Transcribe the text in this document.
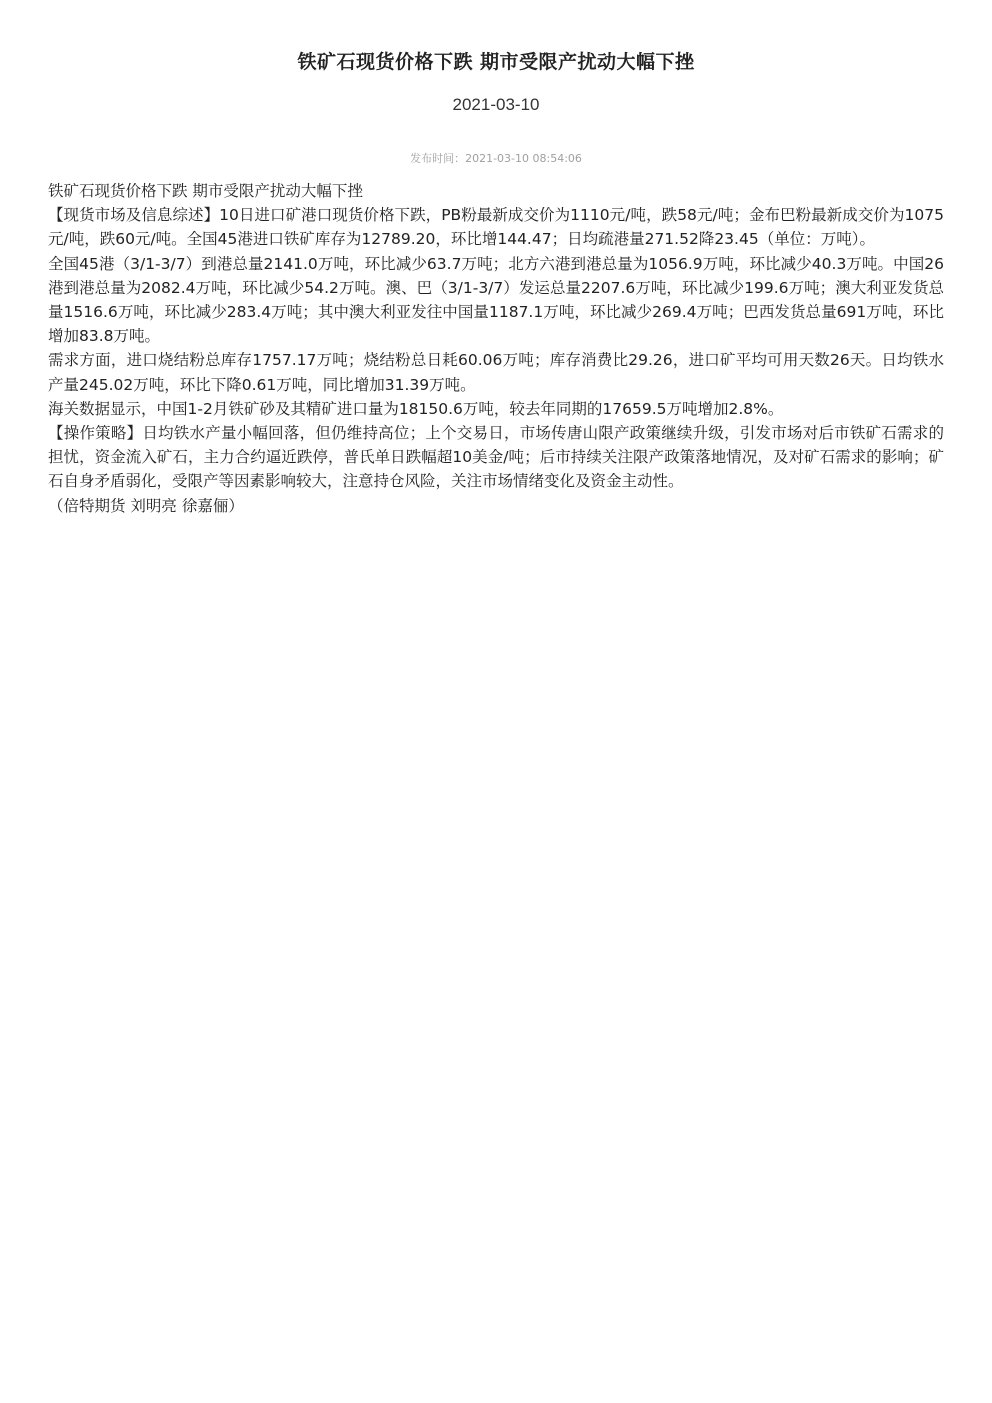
铁矿石现货价格下跌 期市受限产扰动大幅下挫
2021-03-10
发布时间：2021-03-10 08:54:06

铁矿石现货价格下跌 期市受限产扰动大幅下挫

【现货市场及信息综述】10日进口矿港口现货价格下跌，PB粉最新成交价为1110元/吨，跌58元/吨；金布巴粉最新成交价为1075元/吨，跌60元/吨。全国45港进口铁矿库存为12789.20，环比增144.47；日均疏港量271.52降23.45（单位：万吨）。

全国45港（3/1-3/7）到港总量2141.0万吨，环比减少63.7万吨；北方六港到港总量为1056.9万吨，环比减少40.3万吨。中国26港到港总量为2082.4万吨，环比减少54.2万吨。澳、巴（3/1-3/7）发运总量2207.6万吨，环比减少199.6万吨；澳大利亚发货总量1516.6万吨，环比减少283.4万吨；其中澳大利亚发往中国量1187.1万吨，环比减少269.4万吨；巴西发货总量691万吨，环比增加83.8万吨。

需求方面，进口烧结粉总库存1757.17万吨；烧结粉总日耗60.06万吨；库存消费比29.26，进口矿平均可用天数26天。日均铁水产量245.02万吨，环比下降0.61万吨，同比增加31.39万吨。

海关数据显示，中国1-2月铁矿砂及其精矿进口量为18150.6万吨，较去年同期的17659.5万吨增加2.8%。

【操作策略】日均铁水产量小幅回落，但仍维持高位；上个交易日，市场传唐山限产政策继续升级，引发市场对后市铁矿石需求的担忧，资金流入矿石，主力合约逼近跌停，普氏单日跌幅超10美金/吨；后市持续关注限产政策落地情况，及对矿石需求的影响；矿石自身矛盾弱化，受限产等因素影响较大，注意持仓风险，关注市场情绪变化及资金主动性。

（倍特期货 刘明亮 徐嘉俪）
